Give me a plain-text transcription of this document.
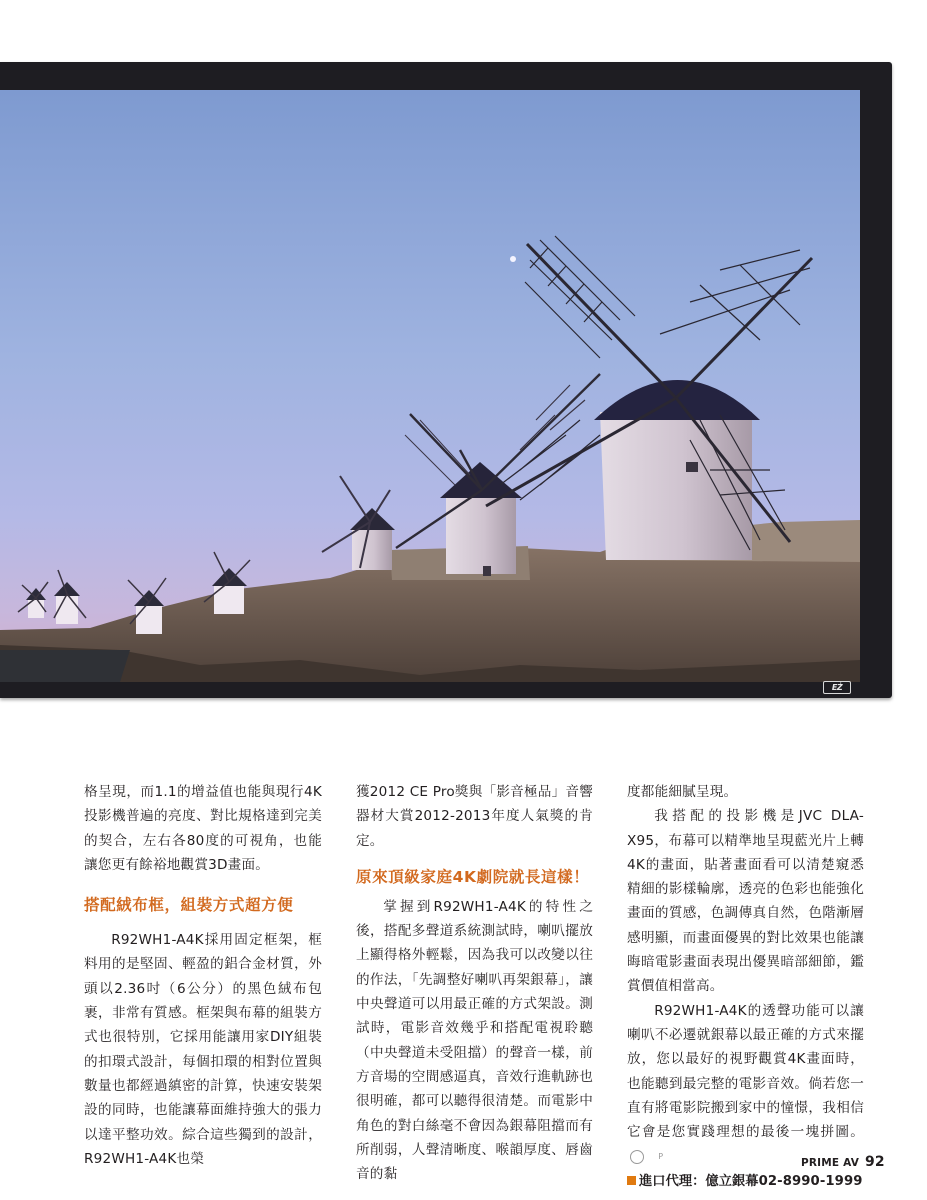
EŻ

格呈現，而1.1的增益值也能與現行4K投影機普遍的亮度、對比規格達到完美的契合，左右各80度的可視角，也能讓您更有餘裕地觀賞3D畫面。

搭配絨布框，組裝方式超方便

R92WH1-A4K採用固定框架，框料用的是堅固、輕盈的鋁合金材質，外頭以2.36吋（6公分）的黑色絨布包裹，非常有質感。框架與布幕的組裝方式也很特別，它採用能讓用家DIY組裝的扣環式設計，每個扣環的相對位置與數量也都經過縝密的計算，快速安裝架設的同時，也能讓幕面維持強大的張力以達平整功效。綜合這些獨到的設計，R92WH1-A4K也榮

獲2012 CE Pro獎與「影音極品」音響器材大賞2012-2013年度人氣獎的肯定。

原來頂級家庭4K劇院就長這樣！

掌握到R92WH1-A4K的特性之後，搭配多聲道系統測試時，喇叭擺放上顯得格外輕鬆，因為我可以改變以往的作法，「先調整好喇叭再架銀幕」，讓中央聲道可以用最正確的方式架設。測試時，電影音效幾乎和搭配電視聆聽（中央聲道未受阻擋）的聲音一樣，前方音場的空間感逼真，音效行進軌跡也很明確，都可以聽得很清楚。而電影中角色的對白絲毫不會因為銀幕阻擋而有所削弱，人聲清晰度、喉韻厚度、唇齒音的黏

度都能細膩呈現。

我搭配的投影機是JVC DLA-X95，布幕可以精準地呈現藍光片上轉4K的畫面，貼著畫面看可以清楚窺悉精細的影樣輪廓，透亮的色彩也能強化畫面的質感，色調傳真自然，色階漸層感明顯，而畫面優異的對比效果也能讓晦暗電影畫面表現出優異暗部細節，鑑賞價值相當高。

R92WH1-A4K的透聲功能可以讓喇叭不必遷就銀幕以最正確的方式來擺放，您以最好的視野觀賞4K畫面時，也能聽到最完整的電影音效。倘若您一直有將電影院搬到家中的憧憬，我相信它會是您實踐理想的最後一塊拼圖。P

進口代理：億立銀幕02-8990-1999
PRIME AV 92
